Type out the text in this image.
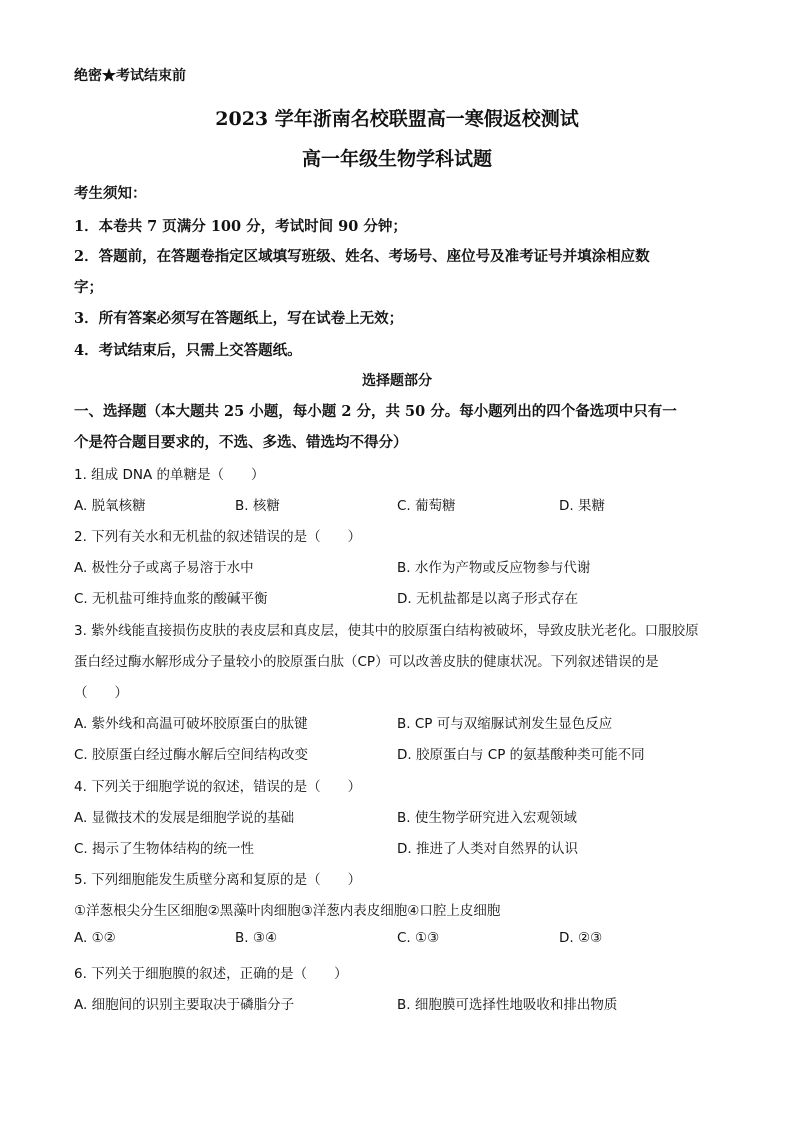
绝密★考试结束前
2023 学年浙南名校联盟高一寒假返校测试
高一年级生物学科试题
考生须知：
1．本卷共 7 页满分 100 分，考试时间 90 分钟；
2．答题前，在答题卷指定区域填写班级、姓名、考场号、座位号及准考证号并填涂相应数
字；
3．所有答案必须写在答题纸上，写在试卷上无效；
4．考试结束后，只需上交答题纸。
选择题部分
一、选择题（本大题共 25 小题，每小题 2 分，共 50 分。每小题列出的四个备选项中只有一
个是符合题目要求的，不选、多选、错选均不得分）
1. 组成 DNA 的单糖是（　　）
A. 脱氧核糖	B. 核糖	C. 葡萄糖	D. 果糖
2. 下列有关水和无机盐的叙述错误的是（　　）
A. 极性分子或离子易溶于水中	B. 水作为产物或反应物参与代谢
C. 无机盐可维持血浆的酸碱平衡	D. 无机盐都是以离子形式存在
3. 紫外线能直接损伤皮肤的表皮层和真皮层，使其中的胶原蛋白结构被破坏，导致皮肤光老化。口服胶原
蛋白经过酶水解形成分子量较小的胶原蛋白肽（CP）可以改善皮肤的健康状况。下列叙述错误的是
（　　）
A. 紫外线和高温可破坏胶原蛋白的肽键	B. CP 可与双缩脲试剂发生显色反应
C. 胶原蛋白经过酶水解后空间结构改变	D. 胶原蛋白与 CP 的氨基酸种类可能不同
4. 下列关于细胞学说的叙述，错误的是（　　）
A. 显微技术的发展是细胞学说的基础	B. 使生物学研究进入宏观领域
C. 揭示了生物体结构的统一性	D. 推进了人类对自然界的认识
5. 下列细胞能发生质壁分离和复原的是（　　）
①洋葱根尖分生区细胞②黑藻叶肉细胞③洋葱内表皮细胞④口腔上皮细胞
A. ①②	B. ③④	C. ①③	D. ②③
6. 下列关于细胞膜的叙述，正确的是（　　）
A. 细胞间的识别主要取决于磷脂分子	B. 细胞膜可选择性地吸收和排出物质
